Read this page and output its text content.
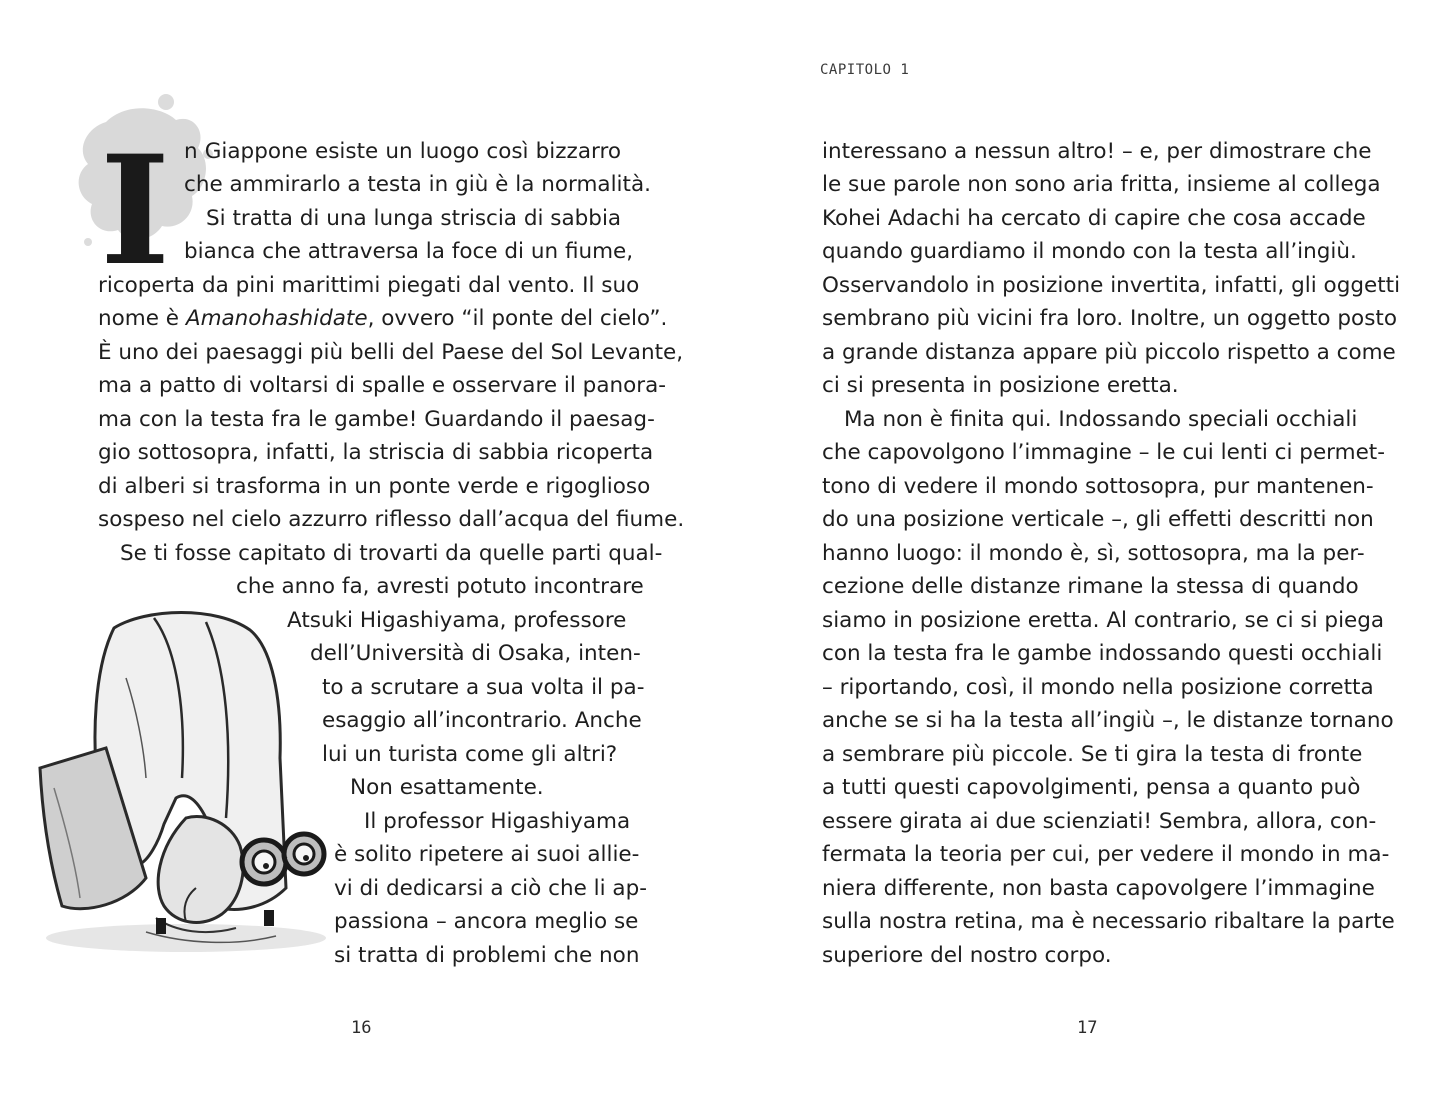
I n Giappone esiste un luogo così bizzarro
che ammirarlo a testa in giù è la normalità.
Si tratta di una lunga striscia di sabbia
bianca che attraversa la foce di un fiume,
ricoperta da pini marittimi piegati dal vento. Il suo
nome è Amanohashidate, ovvero “il ponte del cielo”.
È uno dei paesaggi più belli del Paese del Sol Levante,
ma a patto di voltarsi di spalle e osservare il panora-
ma con la testa fra le gambe! Guardando il paesag-
gio sottosopra, infatti, la striscia di sabbia ricoperta
di alberi si trasforma in un ponte verde e rigoglioso
sospeso nel cielo azzurro riflesso dall’acqua del fiume.
Se ti fosse capitato di trovarti da quelle parti qual-
che anno fa, avresti potuto incontrare
Atsuki Higashiyama, professore
dell’Università di Osaka, inten-
to a scrutare a sua volta il pa-
esaggio all’incontrario. Anche
lui un turista come gli altri?
Non esattamente.
Il professor Higashiyama
è solito ripetere ai suoi allie-
vi di dedicarsi a ciò che li ap-
passiona – ancora meglio se
si tratta di problemi che non
16
CAPITOLO 1
interessano a nessun altro! – e, per dimostrare che
le sue parole non sono aria fritta, insieme al collega
Kohei Adachi ha cercato di capire che cosa accade
quando guardiamo il mondo con la testa all’ingiù.
Osservandolo in posizione invertita, infatti, gli oggetti
sembrano più vicini fra loro. Inoltre, un oggetto posto
a grande distanza appare più piccolo rispetto a come
ci si presenta in posizione eretta.
Ma non è finita qui. Indossando speciali occhiali
che capovolgono l’immagine – le cui lenti ci permet-
tono di vedere il mondo sottosopra, pur mantenen-
do una posizione verticale –, gli effetti descritti non
hanno luogo: il mondo è, sì, sottosopra, ma la per-
cezione delle distanze rimane la stessa di quando
siamo in posizione eretta. Al contrario, se ci si piega
con la testa fra le gambe indossando questi occhiali
– riportando, così, il mondo nella posizione corretta
anche se si ha la testa all’ingiù –, le distanze tornano
a sembrare più piccole. Se ti gira la testa di fronte
a tutti questi capovolgimenti, pensa a quanto può
essere girata ai due scienziati! Sembra, allora, con-
fermata la teoria per cui, per vedere il mondo in ma-
niera differente, non basta capovolgere l’immagine
sulla nostra retina, ma è necessario ribaltare la parte
superiore del nostro corpo.
17
